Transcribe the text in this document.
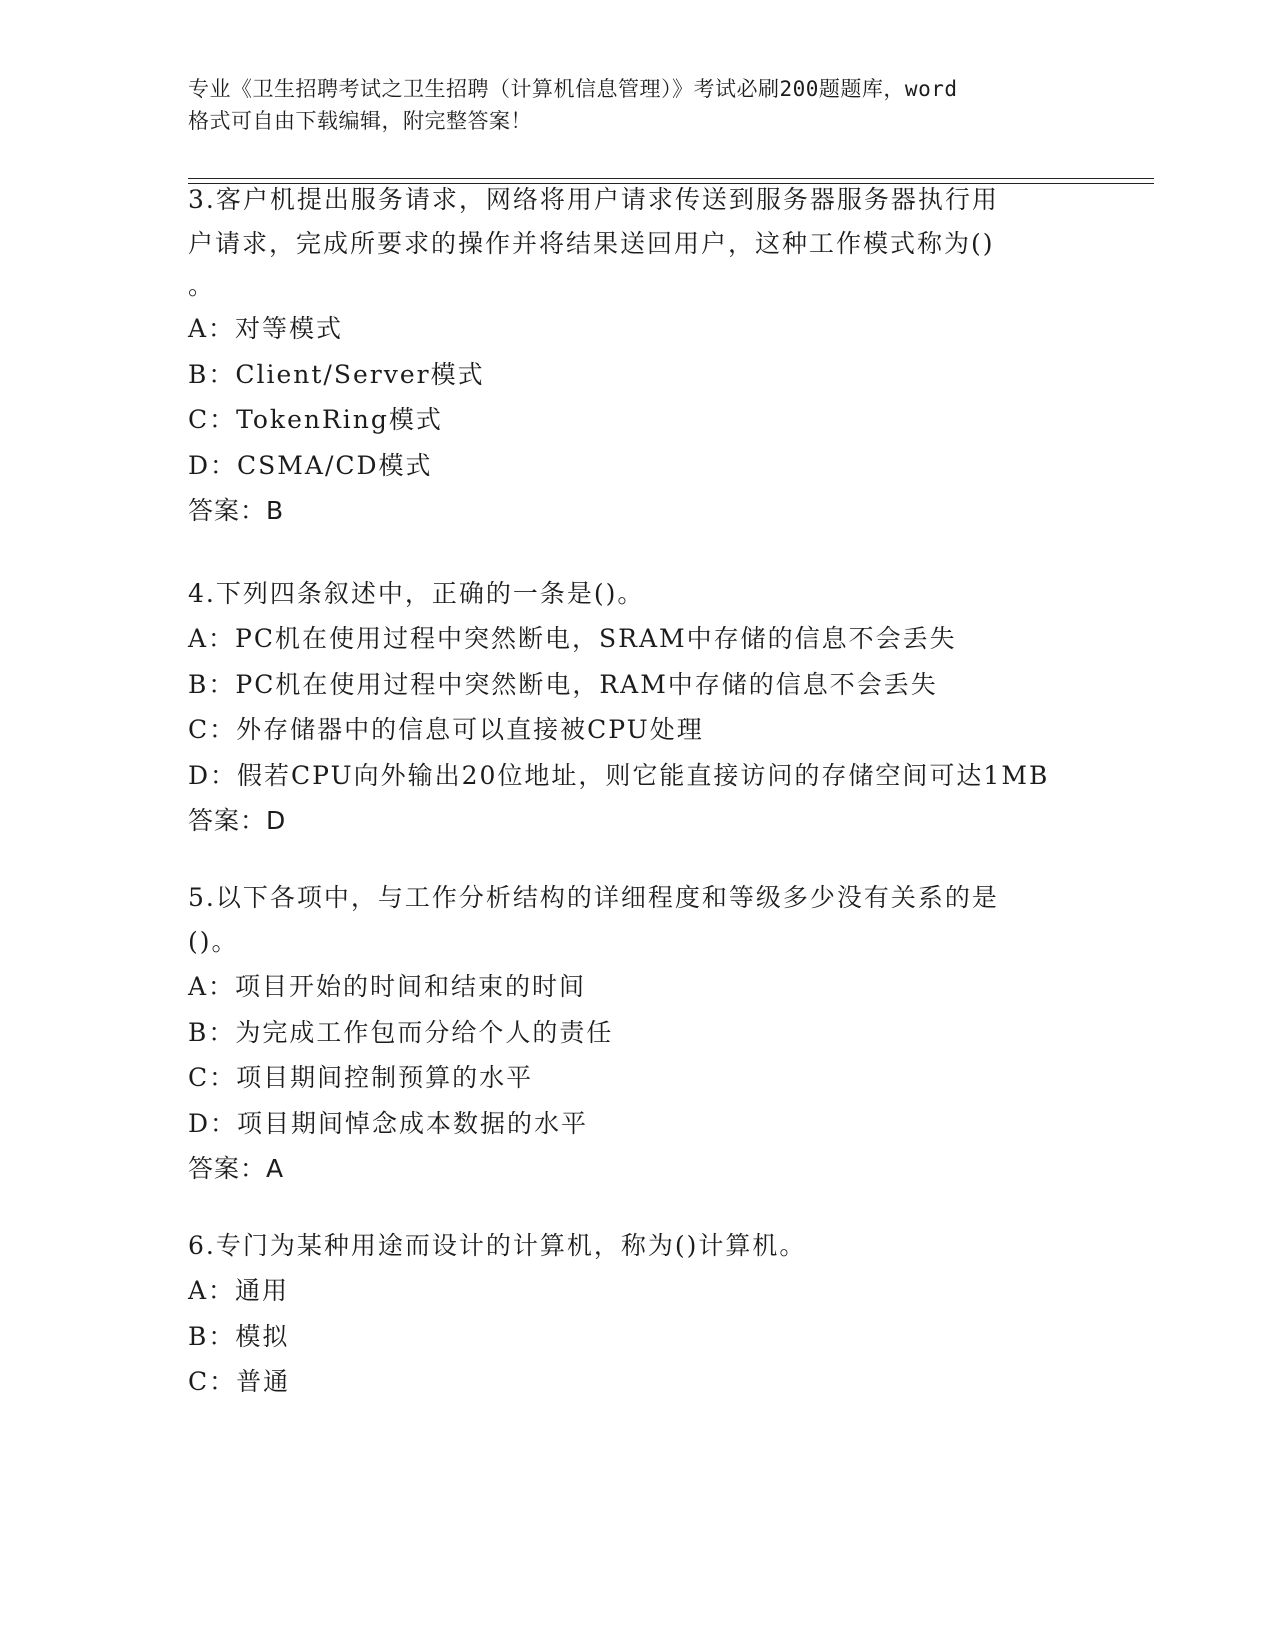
专业《卫生招聘考试之卫生招聘（计算机信息管理）》考试必刷200题题库，word
格式可自由下载编辑，附完整答案！

3.客户机提出服务请求，网络将用户请求传送到服务器服务器执行用

户请求，完成所要求的操作并将结果送回用户，这种工作模式称为()

。

A：对等模式

B：Client/Server模式

C：TokenRing模式

D：CSMA/CD模式

答案：B

4.下列四条叙述中，正确的一条是()。

A：PC机在使用过程中突然断电，SRAM中存储的信息不会丢失

B：PC机在使用过程中突然断电，RAM中存储的信息不会丢失

C：外存储器中的信息可以直接被CPU处理

D：假若CPU向外输出20位地址，则它能直接访问的存储空间可达1MB

答案：D

5.以下各项中，与工作分析结构的详细程度和等级多少没有关系的是

()。

A：项目开始的时间和结束的时间

B：为完成工作包而分给个人的责任

C：项目期间控制预算的水平

D：项目期间悼念成本数据的水平

答案：A

6.专门为某种用途而设计的计算机，称为()计算机。

A：通用

B：模拟

C：普通
